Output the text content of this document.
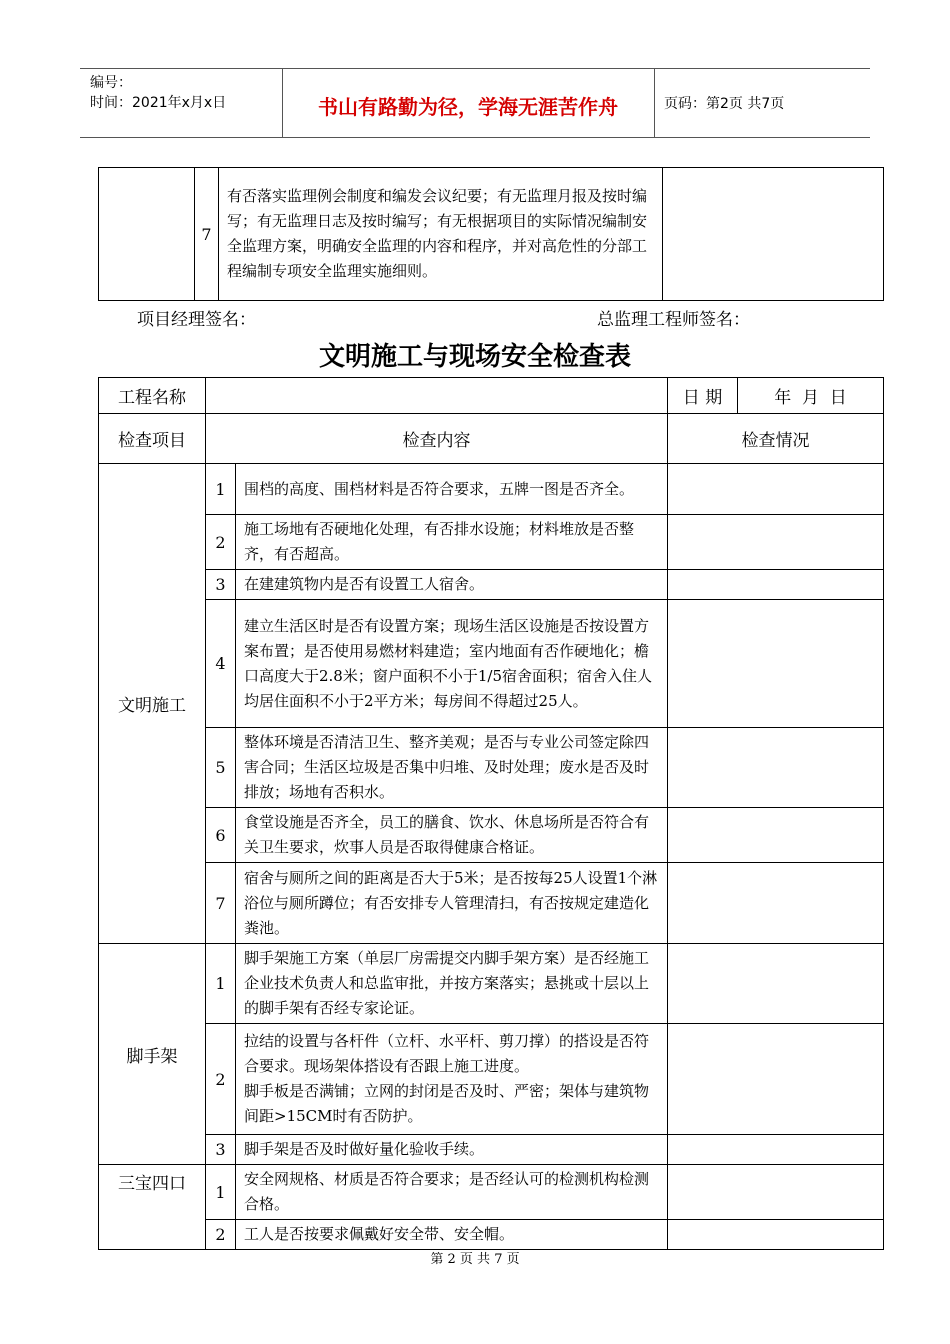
编号：
时间：2021年x月x日	书山有路勤为径，学海无涯苦作舟	页码：第2页 共7页
	7	有否落实监理例会制度和编发会议纪要；有无监理月报及按时编写；有无监理日志及按时编写；有无根据项目的实际情况编制安全监理方案，明确安全监理的内容和程序，并对高危性的分部工程编制专项安全监理实施细则。	
项目经理签名：	总监理工程师签名：
文明施工与现场安全检查表
工程名称			日 期	年  月  日
检查项目	检查内容		检查情况	
文明施工	1	围档的高度、围档材料是否符合要求，五牌一图是否齐全。		
	2	施工场地有否硬地化处理，有否排水设施；材料堆放是否整齐，有否超高。		
	3	在建建筑物内是否有设置工人宿舍。		
	4	建立生活区时是否有设置方案；现场生活区设施是否按设置方案布置；是否使用易燃材料建造；室内地面有否作硬地化；檐口高度大于2.8米；窗户面积不小于1/5宿舍面积；宿舍入住人均居住面积不小于2平方米；每房间不得超过25人。		
	5	整体环境是否清洁卫生、整齐美观；是否与专业公司签定除四害合同；生活区垃圾是否集中归堆、及时处理；废水是否及时排放；场地有否积水。		
	6	食堂设施是否齐全，员工的膳食、饮水、休息场所是否符合有关卫生要求，炊事人员是否取得健康合格证。		
	7	宿舍与厕所之间的距离是否大于5米；是否按每25人设置1个淋浴位与厕所蹲位；有否安排专人管理清扫，有否按规定建造化粪池。		
脚手架	1	脚手架施工方案（单层厂房需提交内脚手架方案）是否经施工企业技术负责人和总监审批，并按方案落实；悬挑或十层以上的脚手架有否经专家论证。		
	2	拉结的设置与各杆件（立杆、水平杆、剪刀撑）的搭设是否符合要求。现场架体搭设有否跟上施工进度。
脚手板是否满铺；立网的封闭是否及时、严密；架体与建筑物间距>15CM时有否防护。		

	3	脚手架是否及时做好量化验收手续。		
三宝四口	1	安全网规格、材质是否符合要求；是否经认可的检测机构检测合格。		
	2	工人是否按要求佩戴好安全带、安全帽。		
第 2 页 共 7 页
